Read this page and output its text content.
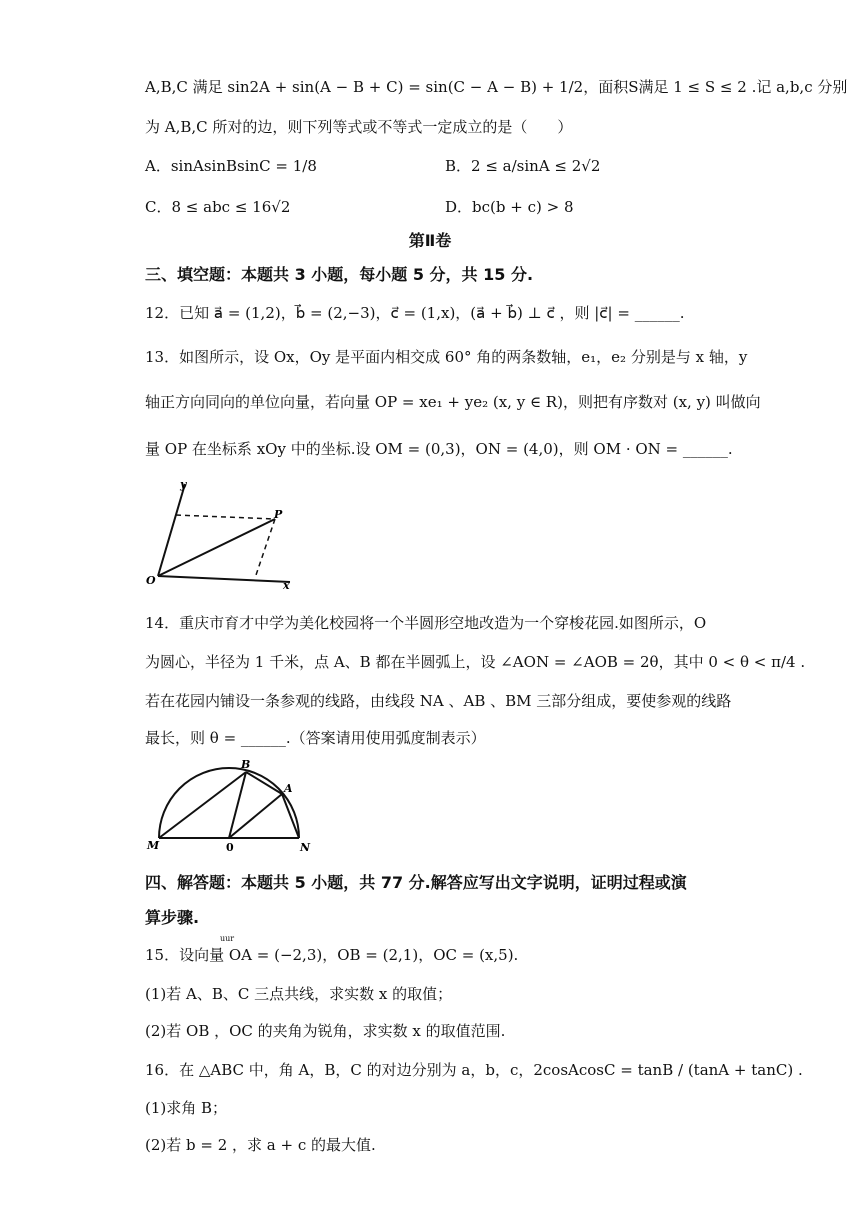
A,B,C 满足 sin2A + sin(A − B + C) = sin(C − A − B) + 1/2，面积S满足 1 ≤ S ≤ 2 .记 a,b,c 分别
为 A,B,C 所对的边，则下列等式或不等式一定成立的是（　　）
A．sinAsinBsinC = 1/8	B．2 ≤ a/sinA ≤ 2√2
C．8 ≤ abc ≤ 16√2	D．bc(b + c) > 8
第Ⅱ卷
三、填空题：本题共 3 小题，每小题 5 分，共 15 分.
12．已知 a⃗ = (1,2)，b⃗ = (2,−3)，c⃗ = (1,x)，(a⃗ + b⃗) ⊥ c⃗ ，则 |c⃗| = ______.
13．如图所示，设 Ox，Oy 是平面内相交成 60° 角的两条数轴，e₁，e₂ 分别是与 x 轴，y
轴正方向同向的单位向量，若向量 OP = xe₁ + ye₂ (x, y ∈ R)，则把有序数对 (x, y) 叫做向
量 OP 在坐标系 xOy 中的坐标.设 OM = (0,3)，ON = (4,0)，则 OM · ON = ______.
y
P
O	x
14．重庆市育才中学为美化校园将一个半圆形空地改造为一个穿梭花园.如图所示，O
为圆心，半径为 1 千米，点 A、B 都在半圆弧上，设 ∠AON = ∠AOB = 2θ，其中 0 < θ < π/4 .
若在花园内铺设一条参观的线路，由线段 NA 、AB 、BM 三部分组成，要使参观的线路
最长，则 θ = ______.（答案请用使用弧度制表示）
B
A
M	0	N
四、解答题：本题共 5 小题，共 77 分.解答应写出文字说明，证明过程或演
算步骤.
uur
15．设向量 OA = (−2,3)，OB = (2,1)，OC = (x,5).
(1)若 A、B、C 三点共线，求实数 x 的取值；
(2)若 OB ，OC 的夹角为锐角，求实数 x 的取值范围.
16．在 △ABC 中，角 A，B，C 的对边分别为 a，b，c，2cosAcosC = tanB / (tanA + tanC) .
(1)求角 B；
(2)若 b = 2 ，求 a + c 的最大值.
